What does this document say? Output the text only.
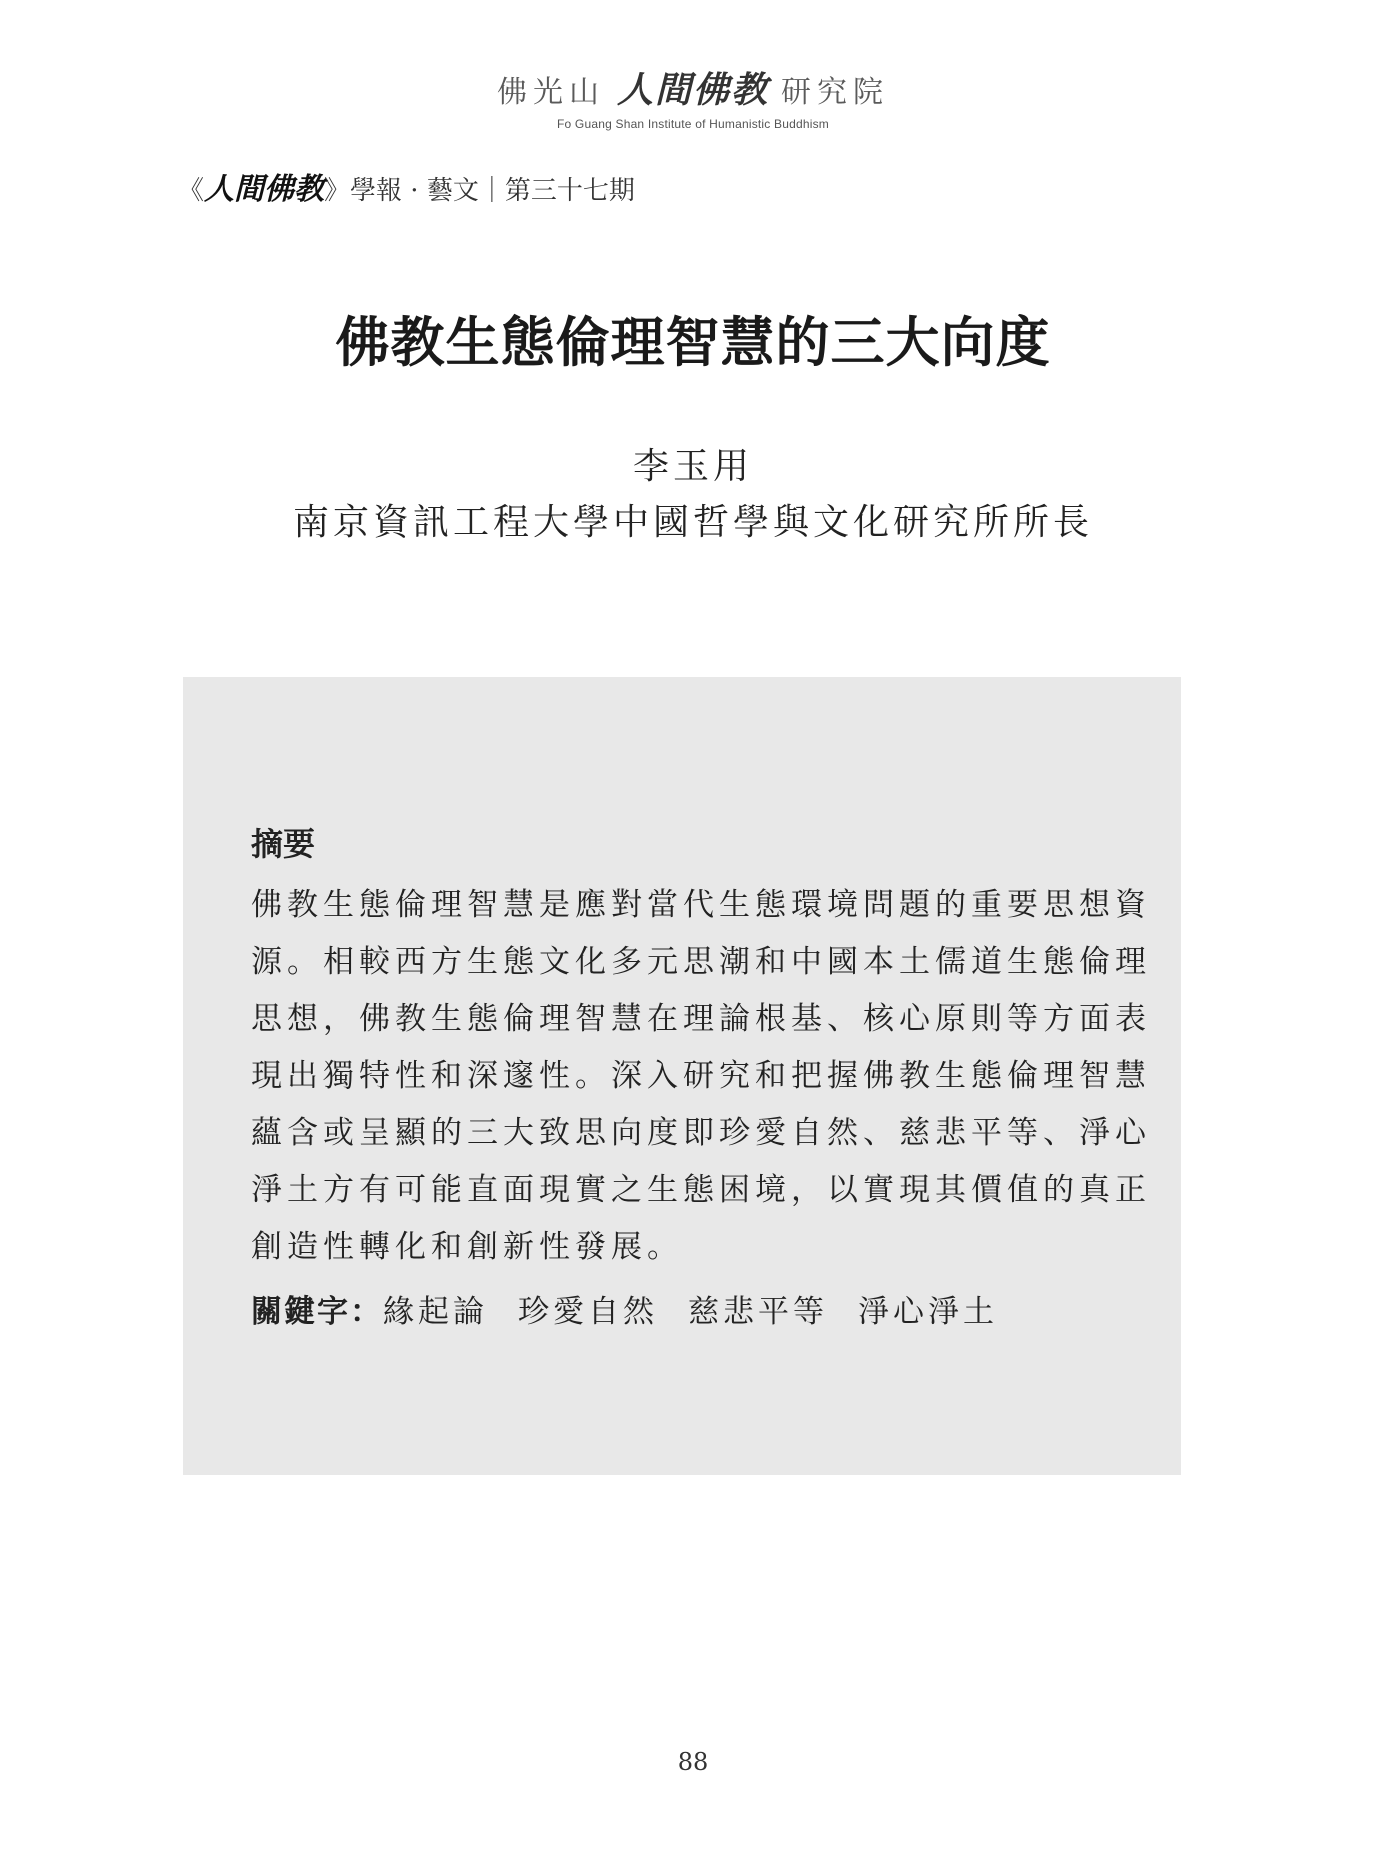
佛光山 人間佛教 研究院
Fo Guang Shan Institute of Humanistic Buddhism
《人間佛教》學報 · 藝文｜第三十七期
佛教生態倫理智慧的三大向度
李玉用
南京資訊工程大學中國哲學與文化研究所所長
摘要
佛教生態倫理智慧是應對當代生態環境問題的重要思想資
源。相較西方生態文化多元思潮和中國本土儒道生態倫理
思想，佛教生態倫理智慧在理論根基、核心原則等方面表
現出獨特性和深邃性。深入研究和把握佛教生態倫理智慧
蘊含或呈顯的三大致思向度即珍愛自然、慈悲平等、淨心
淨土方有可能直面現實之生態困境，以實現其價值的真正
創造性轉化和創新性發展。
關鍵字：緣起論 珍愛自然 慈悲平等 淨心淨土
88
